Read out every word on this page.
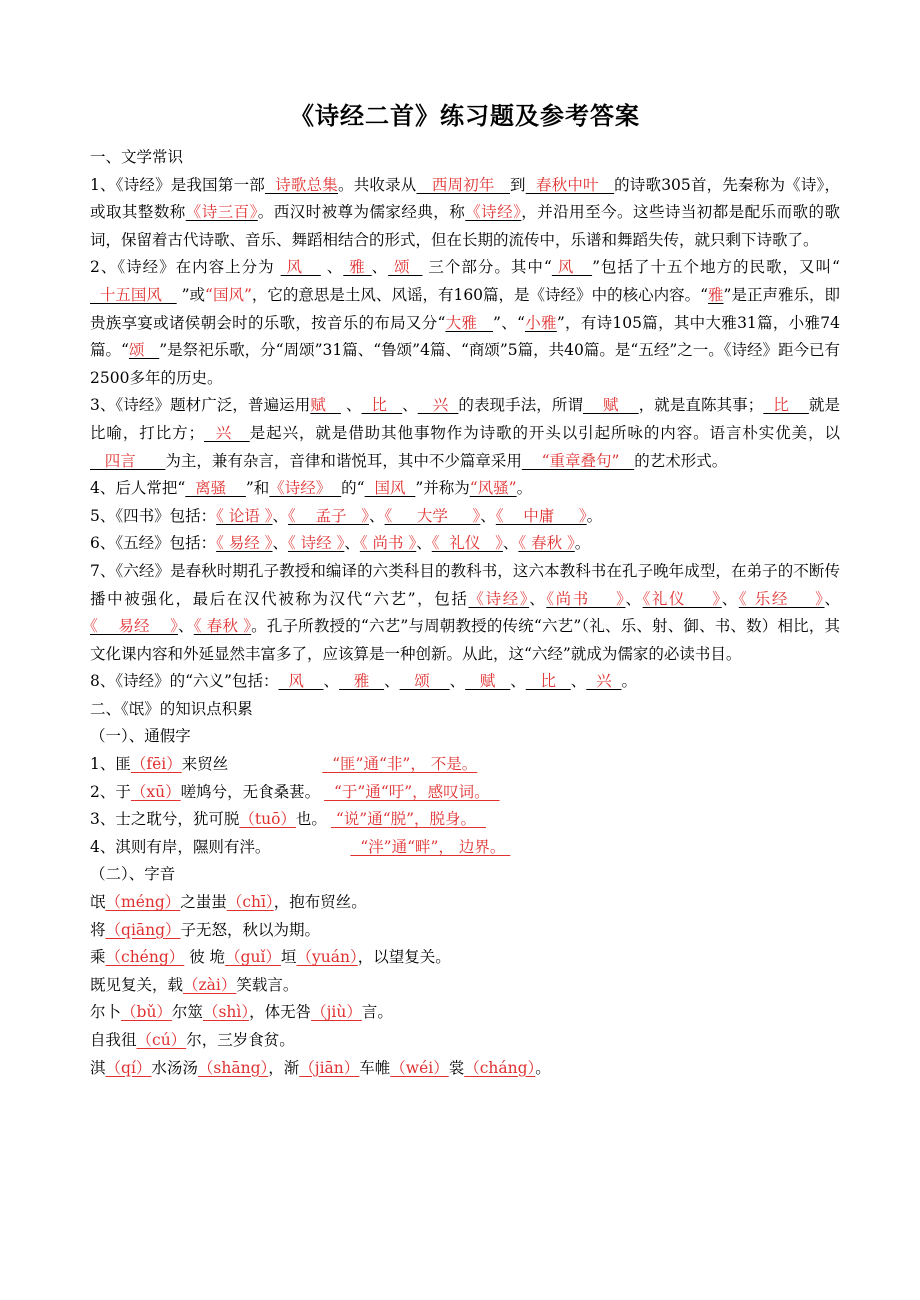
《诗经二首》练习题及参考答案

一、文学常识

1、《诗经》是我国第一部  诗歌总集。共收录从   西周初年   到  春秋中叶   的诗歌305首，先秦称为《诗》，或取其整数称《诗三百》。西汉时被尊为儒家经典，称《诗经》，并沿用至今。这些诗当初都是配乐而歌的歌词，保留着古代诗歌、音乐、舞蹈相结合的形式，但在长期的流传中，乐谱和舞蹈失传，就只剩下诗歌了。

2、《诗经》在内容上分为  风    、 雅 、 颂   三个部分。其中“ 风   ”包括了十五个地方的民歌，又叫“  十五国风    ”或“国风”，它的意思是土风、风谣，有160篇，是《诗经》中的核心内容。“雅”是正声雅乐，即贵族享宴或诸侯朝会时的乐歌，按音乐的布局又分“大雅   ”、“小雅”，有诗105篇，其中大雅31篇，小雅74篇。“颂   ”是祭祀乐歌，分“周颂”31篇、“鲁颂”4篇、“商颂”5篇，共40篇。是“五经”之一。《诗经》距今已有2500多年的历史。

3、《诗经》题材广泛，普遍运用赋    、  比   、   兴  的表现手法，所谓    赋    ，就是直陈其事；  比    就是比喻，打比方；  兴   是起兴，就是借助其他事物作为诗歌的开头以引起所咏的内容。语言朴实优美，以   四言      为主，兼有杂言，音律和谐悦耳，其中不少篇章采用    “重章叠句”   的艺术形式。

4、后人常把“  离骚    ”和《诗经》  的“  国风  ”并称为“风骚”。

5、《四书》包括：《 论语 》、《    孟子   》、《     大学     》、《    中庸     》。

6、《五经》包括：《 易经 》、《 诗经 》、《 尚书 》、《  礼仪   》、《 春秋 》。

7、《六经》是春秋时期孔子教授和编译的六类科目的教科书，这六本教科书在孔子晚年成型，在弟子的不断传播中被强化，最后在汉代被称为汉代“六艺”，包括《诗经》、《尚书    》、《礼仪    》、《 乐经    》、《    易经    》、《 春秋 》。孔子所教授的“六艺”与周朝教授的传统“六艺”（礼、乐、射、御、书、数）相比，其文化课内容和外延显然丰富多了，应该算是一种创新。从此，这“六经”就成为儒家的必读书目。

8、《诗经》的“六义”包括：  风    、   雅   、   颂    、   赋   、   比   、  兴  。

二、《氓》的知识点积累

（一）、通假字

1、匪（fēi）来贸丝	“匪”通“非”， 不是。

2、于（xū）嗟鸠兮，无食桑葚。  “于”通“吁”，感叹词。

3、士之耽兮，犹可脱（tuō）也。 “说”通“脱”，脱身。

4、淇则有岸，隰则有泮。	“泮”通“畔”， 边界。

（二）、字音

氓（méng）之蚩蚩（chī），抱布贸丝。

将（qiāng）子无怒，秋以为期。

乘（chéng） 彼 垝（guǐ）垣（yuán），以望复关。

既见复关，载（zài）笑载言。

尔卜（bǔ）尔筮（shì），体无咎（jiù）言。

自我徂（cú）尔，三岁食贫。

淇（qí）水汤汤（shāng），渐（jiān）车帷（wéi）裳（cháng）。
